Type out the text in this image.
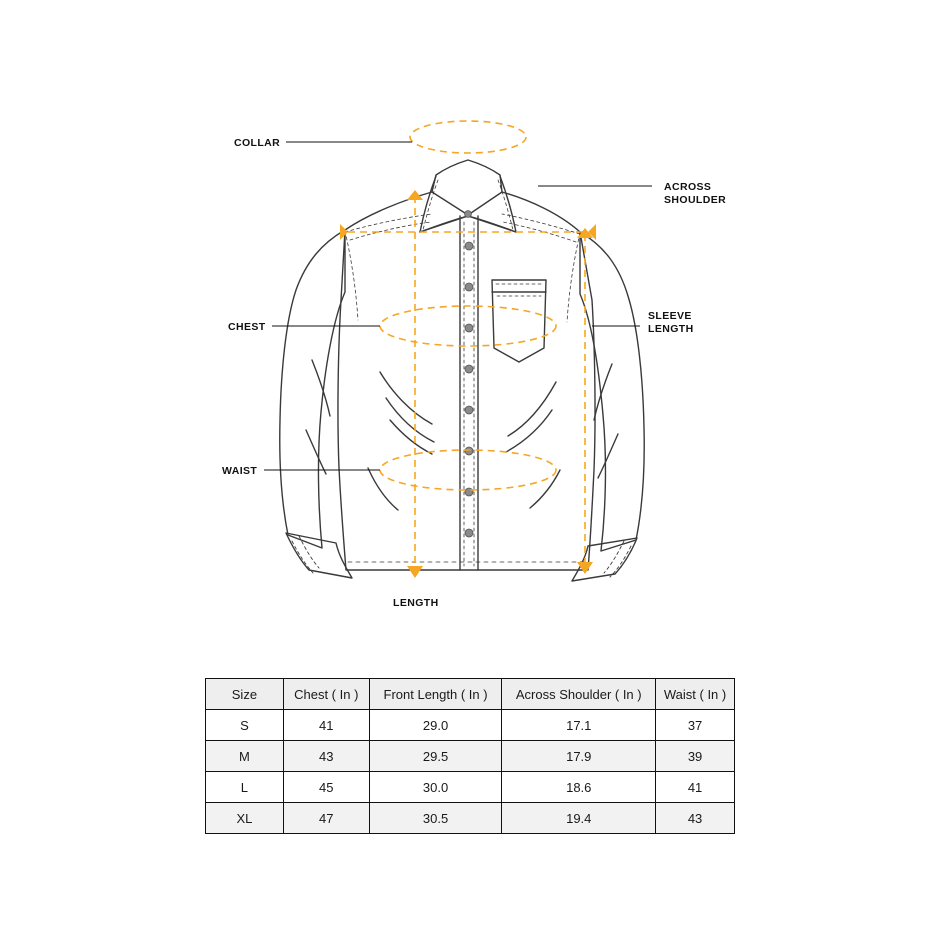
COLLAR
ACROSS
SHOULDER
CHEST
SLEEVE
LENGTH
WAIST
LENGTH
Size	Chest ( In )	Front Length ( In )	Across Shoulder ( In )	Waist ( In )
S	41	29.0	17.1	37
M	43	29.5	17.9	39
L	45	30.0	18.6	41
XL	47	30.5	19.4	43
